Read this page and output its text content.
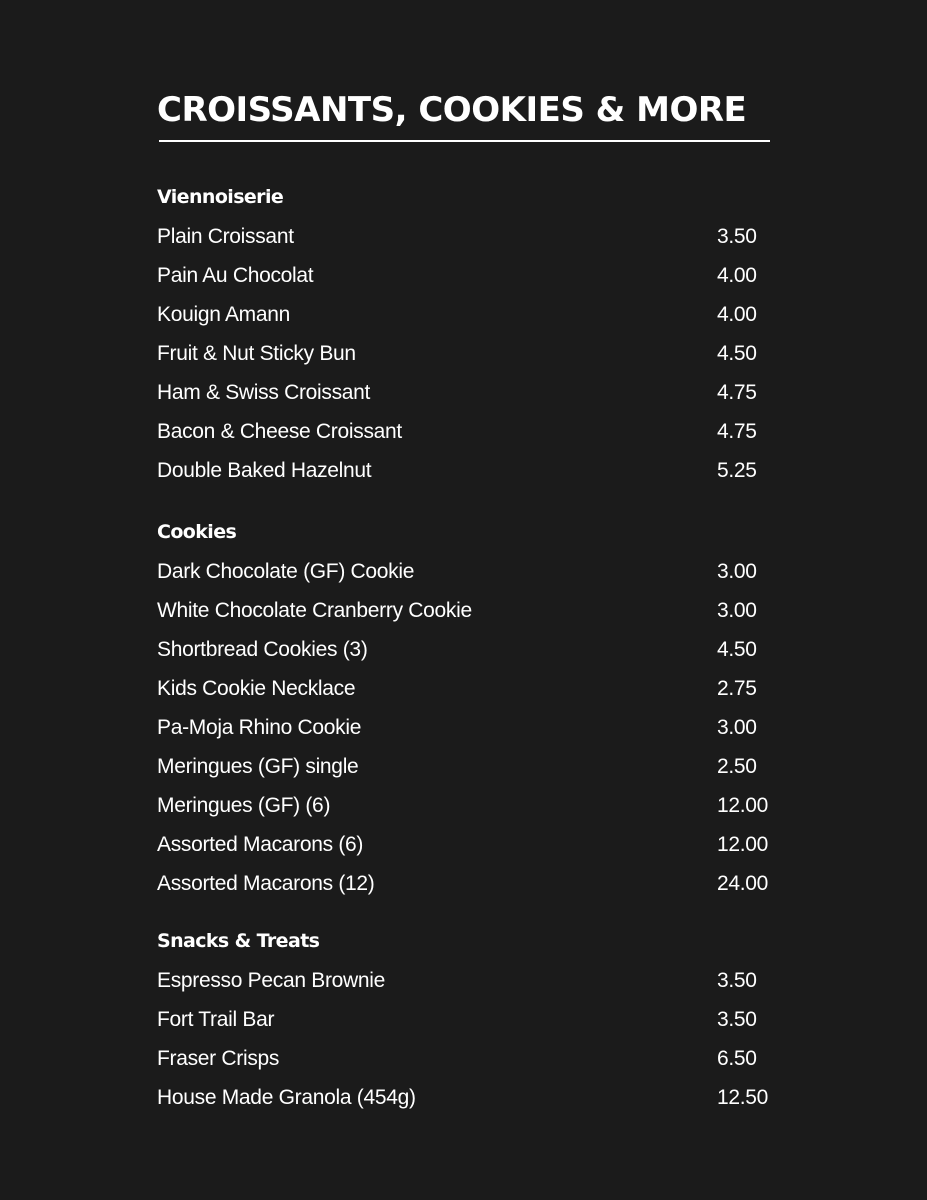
CROISSANTS, COOKIES & MORE
Viennoiserie
Plain Croissant	3.50
Pain Au Chocolat	4.00
Kouign Amann	4.00
Fruit & Nut Sticky Bun	4.50
Ham & Swiss Croissant	4.75
Bacon & Cheese Croissant	4.75
Double Baked Hazelnut	5.25
Cookies
Dark Chocolate (GF) Cookie	3.00
White Chocolate Cranberry Cookie	3.00
Shortbread Cookies (3)	4.50
Kids Cookie Necklace	2.75
Pa-Moja Rhino Cookie	3.00
Meringues (GF) single	2.50
Meringues (GF) (6)	12.00
Assorted Macarons (6)	12.00
Assorted Macarons (12)	24.00
Snacks & Treats
Espresso Pecan Brownie	3.50
Fort Trail Bar	3.50
Fraser Crisps	6.50
House Made Granola (454g)	12.50
